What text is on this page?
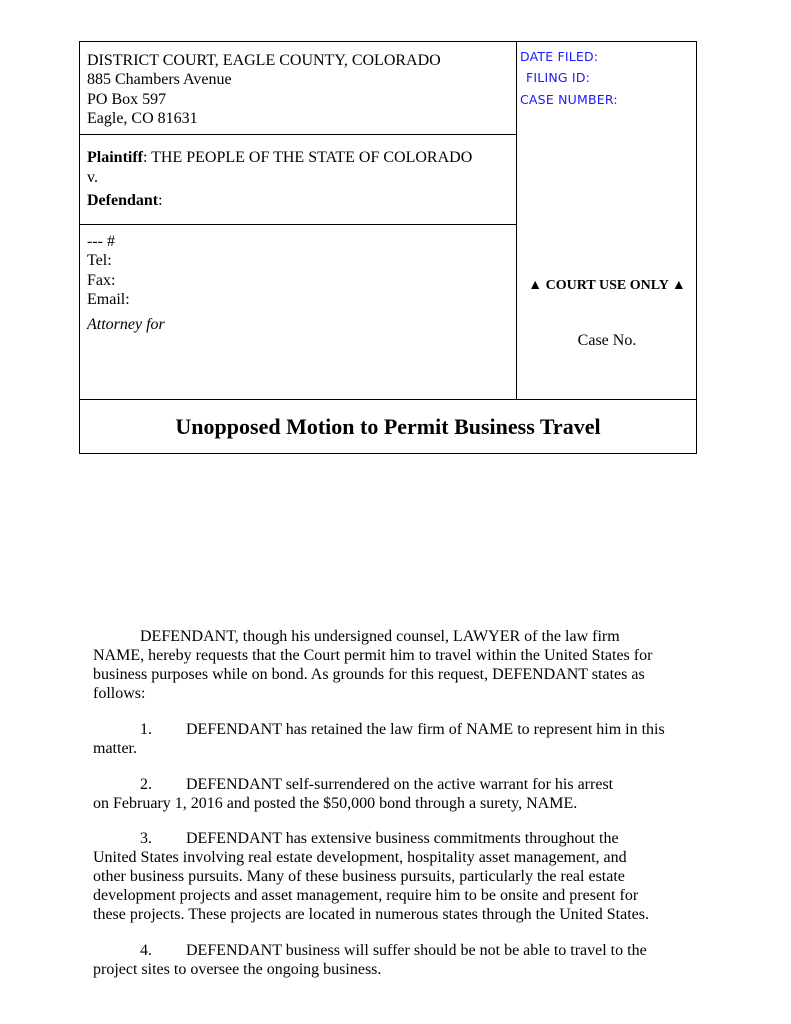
DISTRICT COURT, EAGLE COUNTY, COLORADO
885 Chambers Avenue
PO Box 597
Eagle, CO 81631
Plaintiff: THE PEOPLE OF THE STATE OF COLORADO
v.
Defendant:
--- #
Tel:
Fax:
Email:
Attorney for
DATE FILED:
FILING ID:
CASE NUMBER:
▲ COURT USE ONLY ▲
Case No.
Unopposed Motion to Permit Business Travel
DEFENDANT, though his undersigned counsel, LAWYER of the law firm
NAME, hereby requests that the Court permit him to travel within the United States for
business purposes while on bond. As grounds for this request, DEFENDANT states as
follows:
1. DEFENDANT has retained the law firm of NAME to represent him in this
matter.
2. DEFENDANT self-surrendered on the active warrant for his arrest
on February 1, 2016 and posted the $50,000 bond through a surety, NAME.
3. DEFENDANT has extensive business commitments throughout the
United States involving real estate development, hospitality asset management, and
other business pursuits. Many of these business pursuits, particularly the real estate
development projects and asset management, require him to be onsite and present for
these projects. These projects are located in numerous states through the United States.
4. DEFENDANT business will suffer should be not be able to travel to the
project sites to oversee the ongoing business.
